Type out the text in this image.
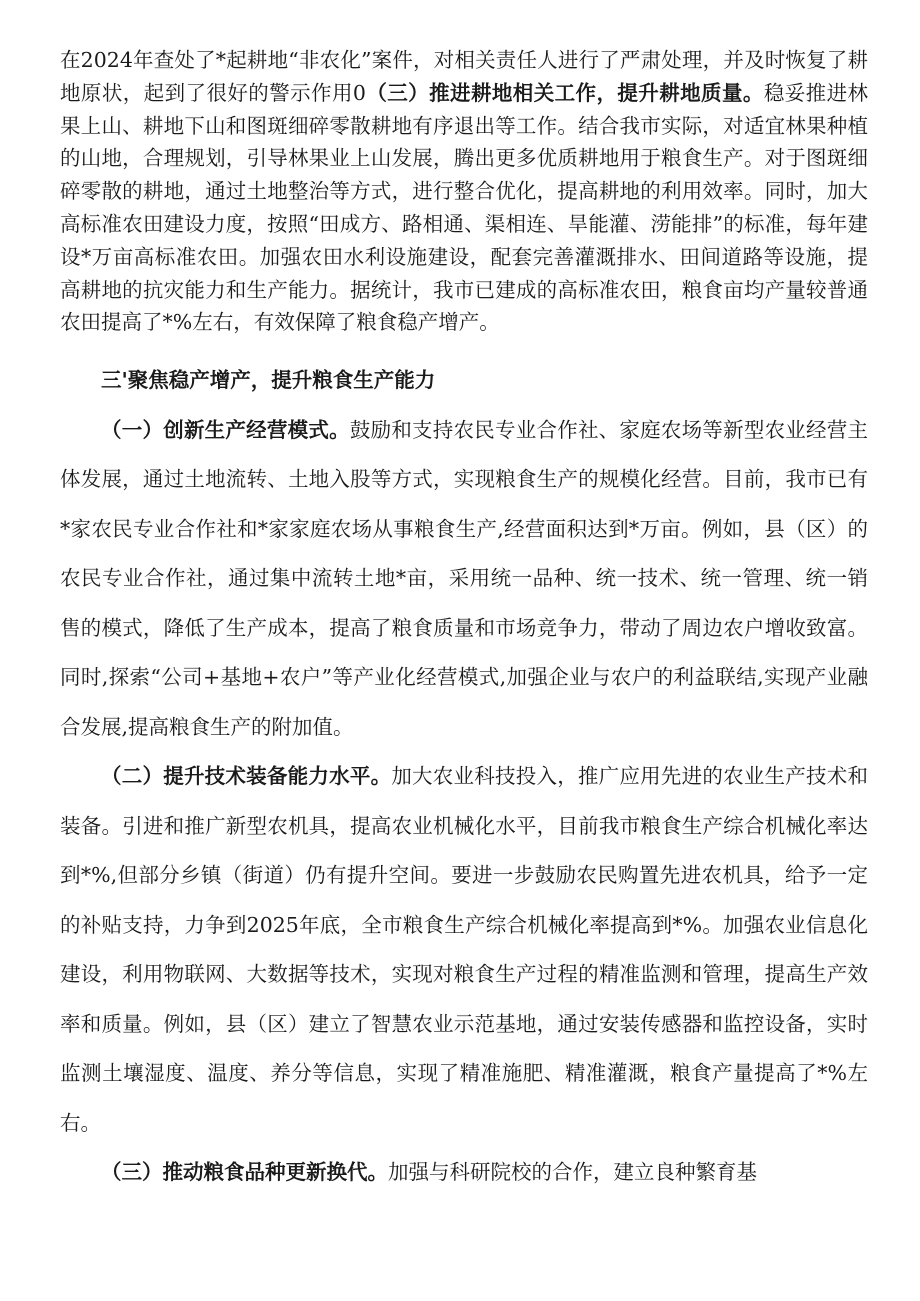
在2024年查处了*起耕地“非农化”案件，对相关责任人进行了严肃处理，并及时恢复了耕地原状，起到了很好的警示作用0（三）推进耕地相关工作，提升耕地质量。稳妥推进林果上山、耕地下山和图斑细碎零散耕地有序退出等工作。结合我市实际，对适宜林果种植的山地，合理规划，引导林果业上山发展，腾出更多优质耕地用于粮食生产。对于图斑细碎零散的耕地，通过土地整治等方式，进行整合优化，提高耕地的利用效率。同时，加大高标准农田建设力度，按照“田成方、路相通、渠相连、旱能灌、涝能排”的标准，每年建设*万亩高标准农田。加强农田水利设施建设，配套完善灌溉排水、田间道路等设施，提高耕地的抗灾能力和生产能力。据统计，我市已建成的高标准农田，粮食亩均产量较普通农田提高了*%左右，有效保障了粮食稳产增产。

三'聚焦稳产增产，提升粮食生产能力

（一）创新生产经营模式。鼓励和支持农民专业合作社、家庭农场等新型农业经营主体发展，通过土地流转、土地入股等方式，实现粮食生产的规模化经营。目前，我市已有*家农民专业合作社和*家家庭农场从事粮食生产,经营面积达到*万亩。例如，县（区）的农民专业合作社，通过集中流转土地*亩，采用统一品种、统一技术、统一管理、统一销售的模式，降低了生产成本，提高了粮食质量和市场竞争力，带动了周边农户增收致富。同时,探索“公司+基地+农户”等产业化经营模式,加强企业与农户的利益联结,实现产业融合发展,提高粮食生产的附加值。

（二）提升技术装备能力水平。加大农业科技投入，推广应用先进的农业生产技术和装备。引进和推广新型农机具，提高农业机械化水平，目前我市粮食生产综合机械化率达到*%,但部分乡镇（街道）仍有提升空间。要进一步鼓励农民购置先进农机具，给予一定的补贴支持，力争到2025年底，全市粮食生产综合机械化率提高到*%。加强农业信息化建设，利用物联网、大数据等技术，实现对粮食生产过程的精准监测和管理，提高生产效率和质量。例如，县（区）建立了智慧农业示范基地，通过安装传感器和监控设备，实时监测土壤湿度、温度、养分等信息，实现了精准施肥、精准灌溉，粮食产量提高了*%左右。

（三）推动粮食品种更新换代。加强与科研院校的合作，建立良种繁育基
